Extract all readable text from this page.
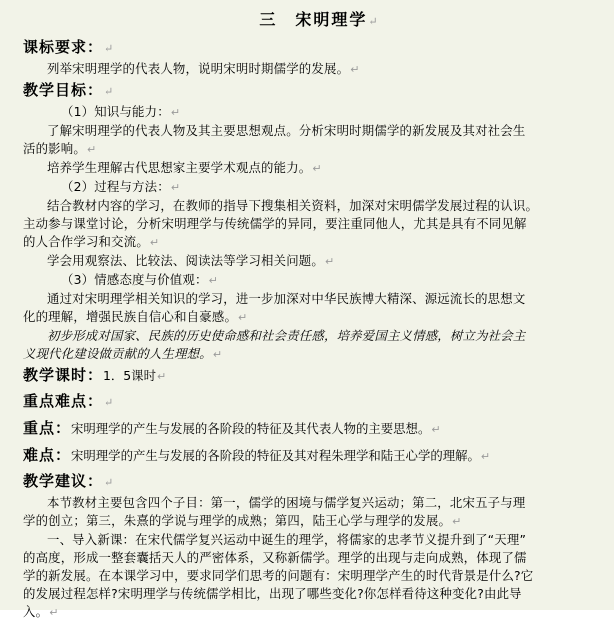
三　宋明理学↵
课标要求：↵

列举宋明理学的代表人物，说明宋明时期儒学的发展。↵

教学目标：↵

（1）知识与能力：↵

了解宋明理学的代表人物及其主要思想观点。分析宋明时期儒学的新发展及其对社会生

活的影响。↵

培养学生理解古代思想家主要学术观点的能力。↵

（2）过程与方法：↵

结合教材内容的学习，在教师的指导下搜集相关资料，加深对宋明儒学发展过程的认识。

主动参与课堂讨论，分析宋明理学与传统儒学的异同，要注重同他人，尤其是具有不同见解

的人合作学习和交流。↵

学会用观察法、比较法、阅读法等学习相关问题。↵

（3）情感态度与价值观：↵

通过对宋明理学相关知识的学习，进一步加深对中华民族博大精深、源远流长的思想文

化的理解，增强民族自信心和自豪感。↵

初步形成对国家、民族的历史使命感和社会责任感，培养爱国主义情感，树立为社会主

义现代化建设做贡献的人生理想。↵

教学课时：1．5课时↵
重点难点：↵
重点：宋明理学的产生与发展的各阶段的特征及其代表人物的主要思想。↵
难点：宋明理学的产生与发展的各阶段的特征及其对程朱理学和陆王心学的理解。↵
教学建议：↵

本节教材主要包含四个子目：第一，儒学的困境与儒学复兴运动；第二，北宋五子与理

学的创立；第三，朱熹的学说与理学的成熟；第四，陆王心学与理学的发展。↵

一、导入新课：在宋代儒学复兴运动中诞生的理学，将儒家的忠孝节义提升到了“天理”

的高度，形成一整套囊括天人的严密体系，又称新儒学。理学的出现与走向成熟，体现了儒

学的新发展。在本课学习中，要求同学们思考的问题有：宋明理学产生的时代背景是什么?它

的发展过程怎样?宋明理学与传统儒学相比，出现了哪些变化?你怎样看待这种变化?由此导

入。↵
